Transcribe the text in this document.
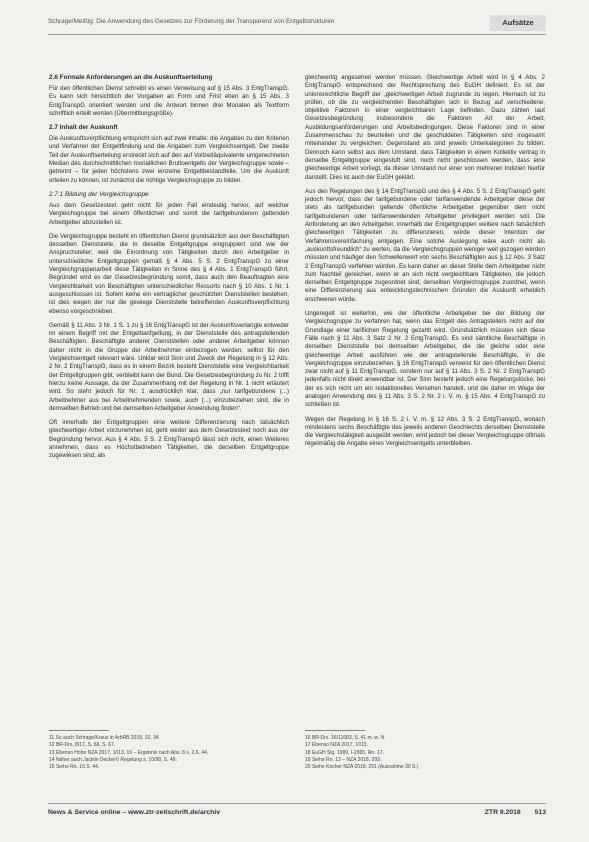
Schrage/Meißig: Die Anwendung des Gesetzes zur Förderung der Transparenz von Entgeltstrukturen	Aufsätze
2.6 Formale Anforderungen an die Auskunftserteilung

Für den öffentlichen Dienst schreibt es einen Verweisung auf § 15 Abs. 3 EntgTranspG. Es kann sich hinsichtlich der Vorgaben an Form und Frist eben an § 15 Abs. 3 EntgTranspG orientiert werden und die Antwort binnen drei Monaten als Textform schriftlich erteilt werden (Übermittlungsgröße).

2.7 Inhalt der Auskunft

Die Auskunftsverpflichtung entspricht sich auf zwei Inhalte: die Angaben zu den Kriterien und Verfahren der Entgeltfindung und die Angaben zum Vergleichsentgelt. Der zweite Teil der Auskunftserteilung erstreckt sich auf den auf Vollzeitäquivalente umgerechneten Median des durchschnittlichen monatlichen Bruttoentgelts der Vergleichsgruppe sowie – getrennt – für jeden höchstens zwei einzelne Entgeltbestandteile. Um die Auskunft erteilen zu können, ist zunächst die richtige Vergleichsgruppe zu bilden.

2.7.1 Bildung der Vergleichsgruppe

Aus dem Gesetzestext geht nicht für jeden Fall eindeutig hervor, auf welcher Vergleichsgruppe bei einem öffentlichen und somit die tarifgebundenen geltenden Arbeitgeber abzustellen ist.

Die Vergleichsgruppe besteht im öffentlichen Dienst grundsätzlich aus den Beschäftigten desselben Dienststelle, die in dieselbe Entgeltgruppe eingruppiert sind wie der Anspruchsteller; weil die Einordnung von Tätigkeiten durch den Arbeitgeber in unterschiedliche Entgeltgruppen gemäß § 4 Abs. 5 S. 2 EntgTranspG zu einer Vergleichgruppenarbeit diese Tätigkeiten in Sinne des § 4 Abs. 1 EntgTranspG führt. Begründet wird es der Gesetzesbegründung somit, dass auch den Beauftragten eine Vergleichbarkeit von Beschäftigten unterschiedlicher Ressorts nach § 10 Abs. 1 Nr. 1 ausgeschlossen ist. Sofern keine ein vertraglicher geschützten Dienststellen bestehen, ist dies wegen der nur die gewiege Dienststelle betreffenden Auskunftsverpflichtung ebenso vorgeschrieben.

Gemäß § 11 Abs. 3 Nr. 1 S. 1 zu § 16 EntgTranspG ist der Auskunftsverlangte entweder im einem Begriff mit der Entgelttarifgeltung, in der Dienststelle des antragstellenden Beschäftigten. Beschäftigte anderer Dienststellen oder anderer Arbeitgeber können daher nicht in die Gruppe der Arbeitnehmer einbezogen werden, selbst für den Vergleichsentgelt relevant wäre. Unklar wird Sinn und Zweck der Regelung in § 12 Abs. 2 Nr. 2 EntgTranspG, dass es in einem Bezirk besteht Dienststelle eine Vergleichbarkeit der Entgeltgruppen gibt, verbleibt kann der Bund. Die Gesetzesbegründung zu Nr. 2 trifft hierzu keine Aussage, da der Zusammenhang mit der Regelung in Nr. 1 nicht erläutert wird. So steht jedoch für Nr. 1 ausdrücklich klar, dass „nur tarifgebundene (...) Arbeitnehmer aus bei Arbeitnehmenden sowie, auch (...) einzubeziehen sind, die in demselben Betrieb und bei demselben Arbeitgeber Anwendung finden“.

Oft innerhalb der Entgeltgruppen eine weitere Differenzierung nach tatsächlich gleichwertiger Arbeit vorzunehmen ist, geht weder aus dem Gesetzestext noch aus der Begründung hervor. Aus § 4 Abs. 5 S. 2 EntgTranspG lässt sich nicht, einen Weiteres annehmen, dass es Höchstbetrieben Tätigkeiten, die derselben Entgeltgruppe zugewiesen sind, als

gleichwertig angesehen werden müssen. Gleichwertige Arbeit wird in § 4 Abs. 2 EntgTranspG entsprechend der Rechtsprechung des EuGH definiert. Es ist der unionsrechtliche Begriff der „gleichwertigen Arbeit zugrunde zu legen. Hiernach ist zu prüfen, ob die zu vergleichenden Beschäftigten sich in Bezug auf verschiedene, objektive Faktoren in einer vergleichbaren Lage befinden. Dazu zählen laut Gesetzesbegründung insbesondere die Faktoren Art der Arbeit, Ausbildungsanforderungen und Arbeitsbedingungen. Diese Faktoren sind in einer Zusammenschau zu beurteilen und die geschuldeten Tätigkeiten sind insgesamt miteinander zu vergleichen. Gegenstand als sind jeweils Unterkategorien zu bilden. Dennoch kann selbst aus dem Umstand, dass Tätigkeiten in einem Kollektiv vertrag in derselbe Entgeltgruppe eingestuft sind, noch nicht geschlossen werden, dass eine gleichwertige Arbeit vorliegt, da dieser Umstand nur einer von mehreren Indizien hierfür darstellt. Dies ist auch der EuGH geklärt.

Aus den Regelungen des § 14 EntgTranspG und des § 4 Abs. 5 S. 2 EntgTranspG geht jedoch hervor, dass der tarifgebundene oder tarifanwendende Arbeitgeber diese der stets als tarifgebunden geltende öffentliche Arbeitgeber gegenüber dem nicht tarifgebundenen oder tarifanwendenden Arbeitgeber privilegiert werden soll. Die Anforderung an den Arbeitgeber, innerhalb der Entgeltgruppen weitere nach tatsächlich gleichwertigen Tätigkeiten zu differenzieren, würde dieser Intention der Verfahrensvereinfachung entgegen. Eine solche Auslegung wäre auch nicht als „auskunftsfreundlich“ zu werten, da die Vergleichsgruppen weniger weit gezogen werden müssten und häufiger den Schwellenwert von sechs Beschäftigten aus § 12 Abs. 3 Satz 2 EntgTranspG verfehlen würden. Es kann daher an dieser Stelle dem Arbeitgeber nicht zum Nachteil gereichen, wenn er an sich nicht vergleichbare Tätigkeiten, die jedoch derselben Entgeltgruppe zugeordnet sind, derselben Vergleichsgruppe zuordnet, wenn eine Differenzierung aus entwicklungstechnischen Gründen die Auskunft erheblich erschweren würde.

Ungeregelt ist weiterhin, wie der öffentliche Arbeitgeber bei der Bildung der Vergleichsgruppe zu verfahren hat, wenn das Entgelt des Antragstellers nicht auf der Grundlage einer tariflichen Regelung gezahlt wird. Grundsätzlich müssten sich diese Fälle nach § 11 Abs. 3 Satz 2 Nr. 2 EntgTranspG. Es sind sämtliche Beschäftigte in derselben Dienststelle bei demselben Arbeitgeber, die die gleiche oder eine gleichwertige Arbeit ausführen wie der antragstellende Beschäftigte, in die Vergleichsgruppe einzubeziehen. § 16 EntgTranspG verweist für den öffentlichen Dienst zwar nicht auf § 11 EntgTranspG, sondern nur auf § 11 Abs. 3 S. 2 Nr. 2 EntgTranspG jedenfalls nicht direkt anwendbar ist. Der Sinn besteht jedoch eine Regelungslücke, bei der es sich nicht um ein redaktionelles Versehen handelt, und die daher im Wege der analogen Anwendung des § 11 Abs. 3 S. 2 Nr. 2 i. V. m. § 15 Abs. 4 EntgTranspG zu schließen ist.

Wegen der Regelung in § 16 S. 2 i. V. m. § 12 Abs. 3 S. 2 EntgTranspG, wonach mindestens sechs Beschäftigte des jeweils anderen Geschlechts derselben Dienststelle die Vergleichstätigkeit ausgeübt werden, wird jedoch bei dieser Vergleichsgruppe oftmals regelmäßig die Angabe eines Vergleichsentgelts unterbleiben.

11 So auch Schrage/Kraus in ArbRB 2018, 32, 34.
12 BR-Drs. 8/17, S. 68, S. 67.
13 Ebenso Hohn NZA 2017, 1013, 16 – Ergebnis nach Abs. 8 s. 2.6, 44.
14 Näher auch Jacklin DeckerV Regelung s. 10/98, S. 48.
15 Siehe Rn. 16 S. 44.
16 BR-Drs. 16/11683, S. 41 m. w. N.
17 Ebenso NZA 2017, 1013.
18 EuGH Slg. 1999, I-2865, Rn. 17.
19 Siehe Rn. 12 – NZA 2018, 293.
20 Siehe Kocher NZA 2018, 291 (Ausnahme 30 S.)
News & Service online – www.ztr-zeitschrift.de/archiv	ZTR 9.2018 513
